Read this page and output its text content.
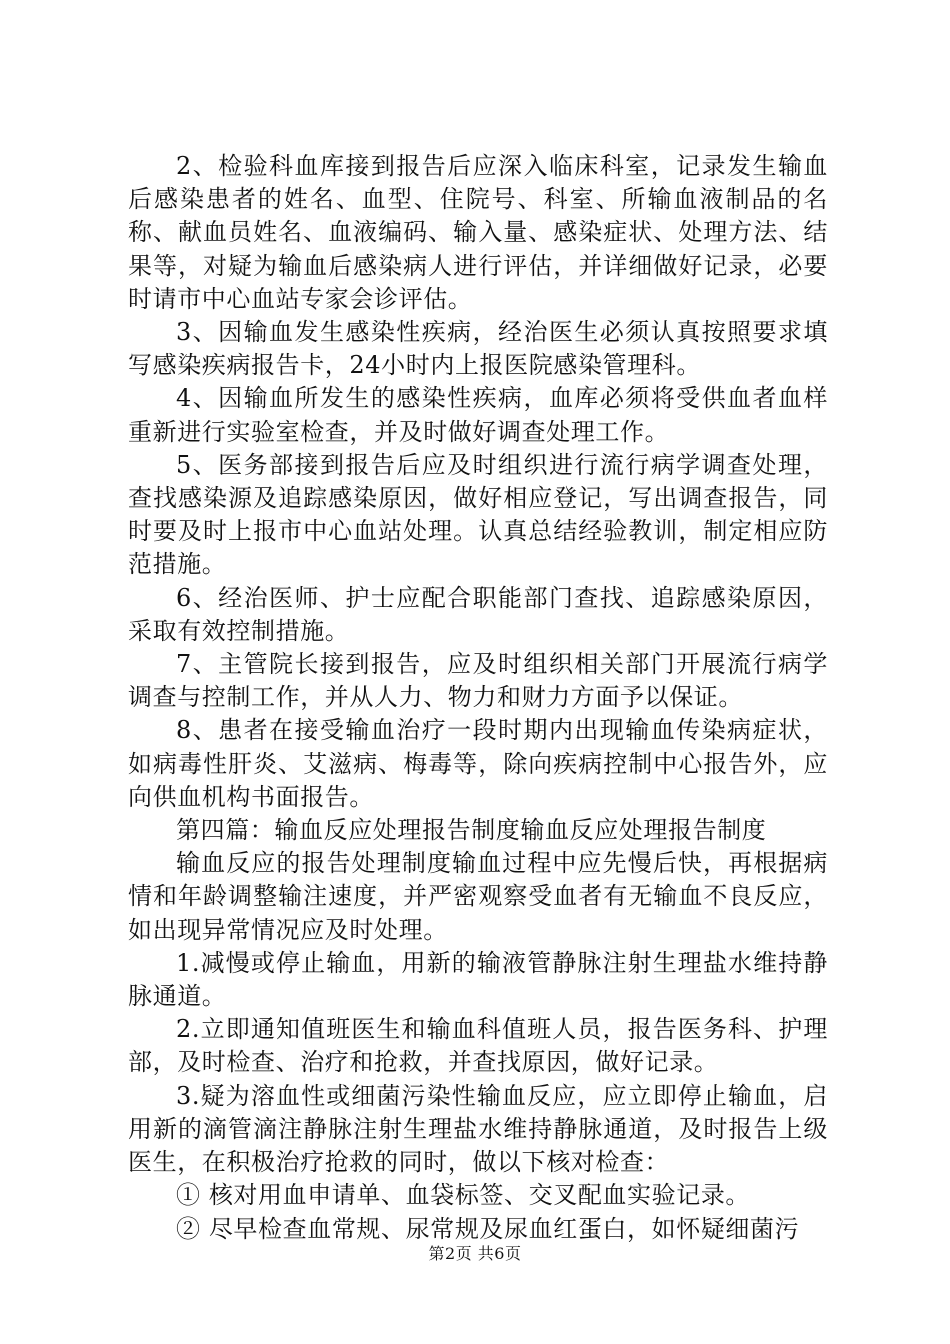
2、检验科血库接到报告后应深入临床科室，记录发生输血后感染患者的姓名、血型、住院号、科室、所输血液制品的名称、献血员姓名、血液编码、输入量、感染症状、处理方法、结果等，对疑为输血后感染病人进行评估，并详细做好记录，必要时请市中心血站专家会诊评估。

3、因输血发生感染性疾病，经治医生必须认真按照要求填写感染疾病报告卡，24小时内上报医院感染管理科。

4、因输血所发生的感染性疾病，血库必须将受供血者血样重新进行实验室检查，并及时做好调查处理工作。

5、医务部接到报告后应及时组织进行流行病学调查处理，查找感染源及追踪感染原因，做好相应登记，写出调查报告，同时要及时上报市中心血站处理。认真总结经验教训，制定相应防范措施。

6、经治医师、护士应配合职能部门查找、追踪感染原因，采取有效控制措施。

7、主管院长接到报告，应及时组织相关部门开展流行病学调查与控制工作，并从人力、物力和财力方面予以保证。

8、患者在接受输血治疗一段时期内出现输血传染病症状，如病毒性肝炎、艾滋病、梅毒等，除向疾病控制中心报告外，应向供血机构书面报告。

第四篇：输血反应处理报告制度输血反应处理报告制度

输血反应的报告处理制度输血过程中应先慢后快，再根据病情和年龄调整输注速度，并严密观察受血者有无输血不良反应，如出现异常情况应及时处理。

1.减慢或停止输血，用新的输液管静脉注射生理盐水维持静脉通道。

2.立即通知值班医生和输血科值班人员，报告医务科、护理部，及时检查、治疗和抢救，并查找原因，做好记录。

3.疑为溶血性或细菌污染性输血反应，应立即停止输血，启用新的滴管滴注静脉注射生理盐水维持静脉通道，及时报告上级医生，在积极治疗抢救的同时，做以下核对检查：

① 核对用血申请单、血袋标签、交叉配血实验记录。

② 尽早检查血常规、尿常规及尿血红蛋白，如怀疑细菌污

第2页 共6页
